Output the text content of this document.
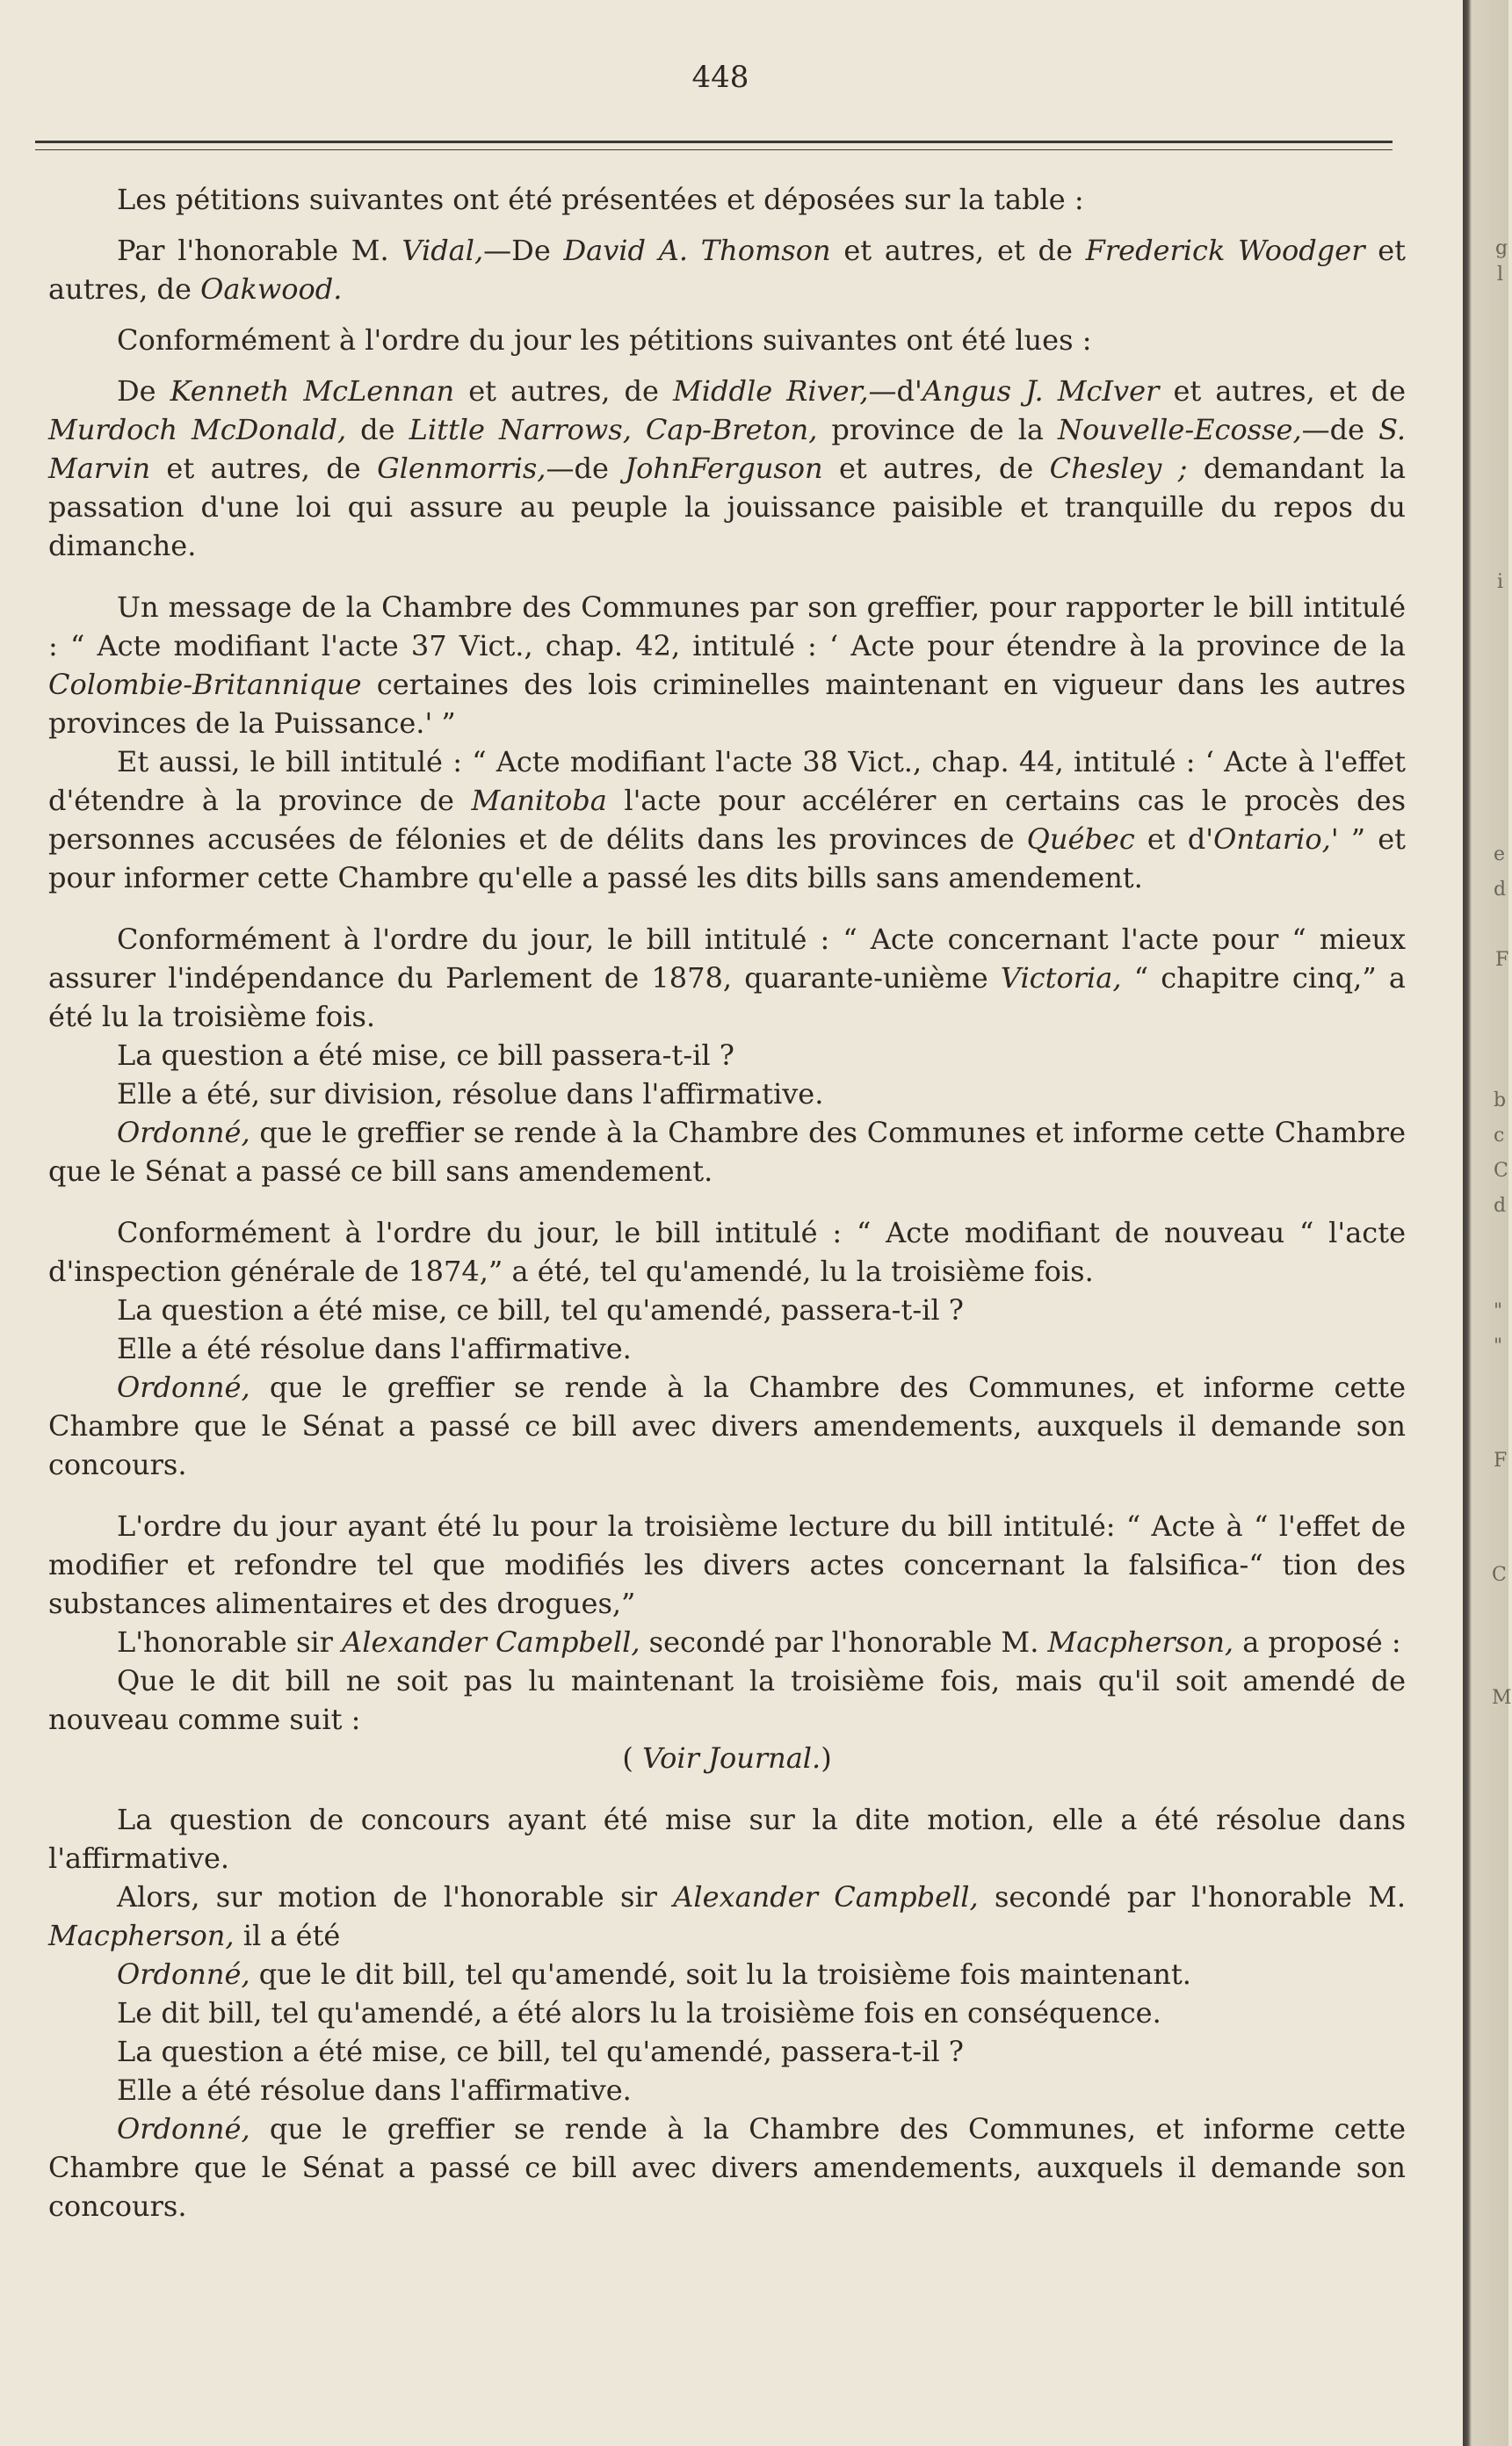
448

Les pétitions suivantes ont été présentées et déposées sur la table :

Par l'honorable M. Vidal,—De David A. Thomson et autres, et de Frederick Woodger et autres, de Oakwood.

Conformément à l'ordre du jour les pétitions suivantes ont été lues :

De Kenneth McLennan et autres, de Middle River,—d'Angus J. McIver et autres, et de Murdoch McDonald, de Little Narrows, Cap-Breton, province de la Nouvelle-Ecosse,—de S. Marvin et autres, de Glenmorris,—de JohnFerguson et autres, de Chesley ; demandant la passation d'une loi qui assure au peuple la jouissance paisible et tranquille du repos du dimanche.

Un message de la Chambre des Communes par son greffier, pour rapporter le bill intitulé : “ Acte modifiant l'acte 37 Vict., chap. 42, intitulé : ‘ Acte pour étendre à la province de la Colombie-Britannique certaines des lois criminelles maintenant en vigueur dans les autres provinces de la Puissance.' ”

Et aussi, le bill intitulé : “ Acte modifiant l'acte 38 Vict., chap. 44, intitulé : ‘ Acte à l'effet d'étendre à la province de Manitoba l'acte pour accélérer en certains cas le procès des personnes accusées de félonies et de délits dans les provinces de Québec et d'Ontario,' ” et pour informer cette Chambre qu'elle a passé les dits bills sans amendement.

Conformément à l'ordre du jour, le bill intitulé : “ Acte concernant l'acte pour “ mieux assurer l'indépendance du Parlement de 1878, quarante-unième Victoria, “ chapitre cinq,” a été lu la troisième fois.

La question a été mise, ce bill passera-t-il ?

Elle a été, sur division, résolue dans l'affirmative.

Ordonné, que le greffier se rende à la Chambre des Communes et informe cette Chambre que le Sénat a passé ce bill sans amendement.

Conformément à l'ordre du jour, le bill intitulé : “ Acte modifiant de nouveau “ l'acte d'inspection générale de 1874,” a été, tel qu'amendé, lu la troisième fois.

La question a été mise, ce bill, tel qu'amendé, passera-t-il ?

Elle a été résolue dans l'affirmative.

Ordonné, que le greffier se rende à la Chambre des Communes, et informe cette Chambre que le Sénat a passé ce bill avec divers amendements, auxquels il demande son concours.

L'ordre du jour ayant été lu pour la troisième lecture du bill intitulé: “ Acte à “ l'effet de modifier et refondre tel que modifiés les divers actes concernant la falsifica-“ tion des substances alimentaires et des drogues,”

L'honorable sir Alexander Campbell, secondé par l'honorable M. Macpherson, a proposé :

Que le dit bill ne soit pas lu maintenant la troisième fois, mais qu'il soit amendé de nouveau comme suit :

( Voir Journal.)

La question de concours ayant été mise sur la dite motion, elle a été résolue dans l'affirmative.

Alors, sur motion de l'honorable sir Alexander Campbell, secondé par l'honorable M. Macpherson, il a été

Ordonné, que le dit bill, tel qu'amendé, soit lu la troisième fois maintenant.

Le dit bill, tel qu'amendé, a été alors lu la troisième fois en conséquence.

La question a été mise, ce bill, tel qu'amendé, passera-t-il ?

Elle a été résolue dans l'affirmative.

Ordonné, que le greffier se rende à la Chambre des Communes, et informe cette Chambre que le Sénat a passé ce bill avec divers amendements, auxquels il demande son concours.

g
l
i
e
d
F
b
c
C
d
"
"
F
C
M
